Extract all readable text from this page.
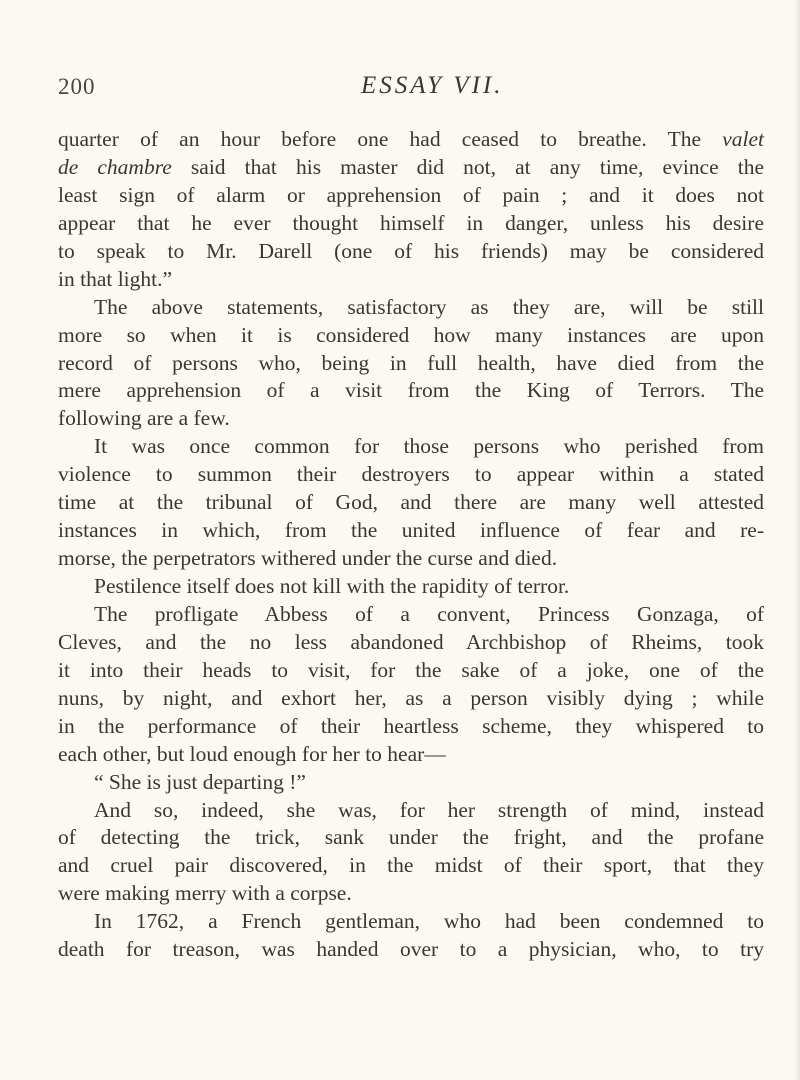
200	ESSAY VII.
quarter of an hour before one had ceased to breathe. The valet
de chambre said that his master did not, at any time, evince the
least sign of alarm or apprehension of pain ; and it does not
appear that he ever thought himself in danger, unless his desire
to speak to Mr. Darell (one of his friends) may be considered
in that light.”
The above statements, satisfactory as they are, will be still
more so when it is considered how many instances are upon
record of persons who, being in full health, have died from the
mere apprehension of a visit from the King of Terrors. The
following are a few.
It was once common for those persons who perished from
violence to summon their destroyers to appear within a stated
time at the tribunal of God, and there are many well attested
instances in which, from the united influence of fear and re-
morse, the perpetrators withered under the curse and died.
Pestilence itself does not kill with the rapidity of terror.
The profligate Abbess of a convent, Princess Gonzaga, of
Cleves, and the no less abandoned Archbishop of Rheims, took
it into their heads to visit, for the sake of a joke, one of the
nuns, by night, and exhort her, as a person visibly dying ; while
in the performance of their heartless scheme, they whispered to
each other, but loud enough for her to hear—
“ She is just departing !”
And so, indeed, she was, for her strength of mind, instead
of detecting the trick, sank under the fright, and the profane
and cruel pair discovered, in the midst of their sport, that they
were making merry with a corpse.
In 1762, a French gentleman, who had been condemned to
death for treason, was handed over to a physician, who, to try
